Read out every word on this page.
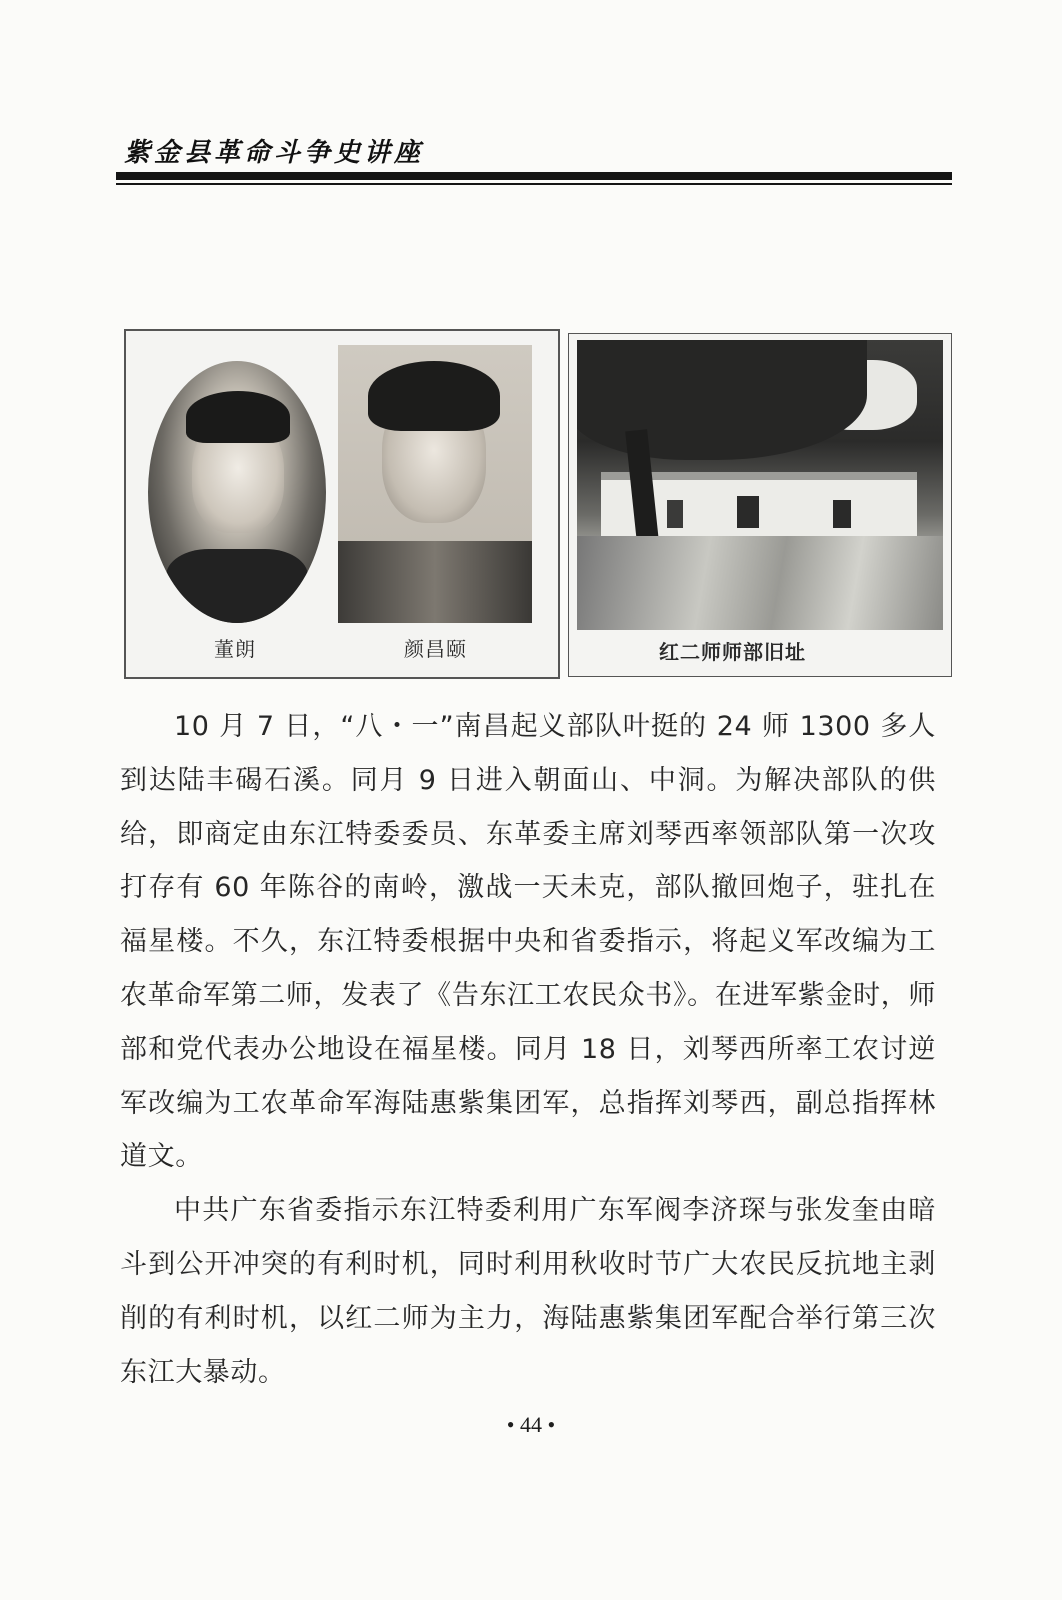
紫金县革命斗争史讲座
董朗	颜昌颐	红二师师部旧址

10 月 7 日，“八・一”南昌起义部队叶挺的 24 师 1300 多人到达陆丰碣石溪。同月 9 日进入朝面山、中洞。为解决部队的供给，即商定由东江特委委员、东革委主席刘琴西率领部队第一次攻打存有 60 年陈谷的南岭，激战一天未克，部队撤回炮子，驻扎在福星楼。不久，东江特委根据中央和省委指示，将起义军改编为工农革命军第二师，发表了《告东江工农民众书》。在进军紫金时，师部和党代表办公地设在福星楼。同月 18 日，刘琴西所率工农讨逆军改编为工农革命军海陆惠紫集团军，总指挥刘琴西，副总指挥林道文。

中共广东省委指示东江特委利用广东军阀李济琛与张发奎由暗斗到公开冲突的有利时机，同时利用秋收时节广大农民反抗地主剥削的有利时机，以红二师为主力，海陆惠紫集团军配合举行第三次东江大暴动。

• 44 •
